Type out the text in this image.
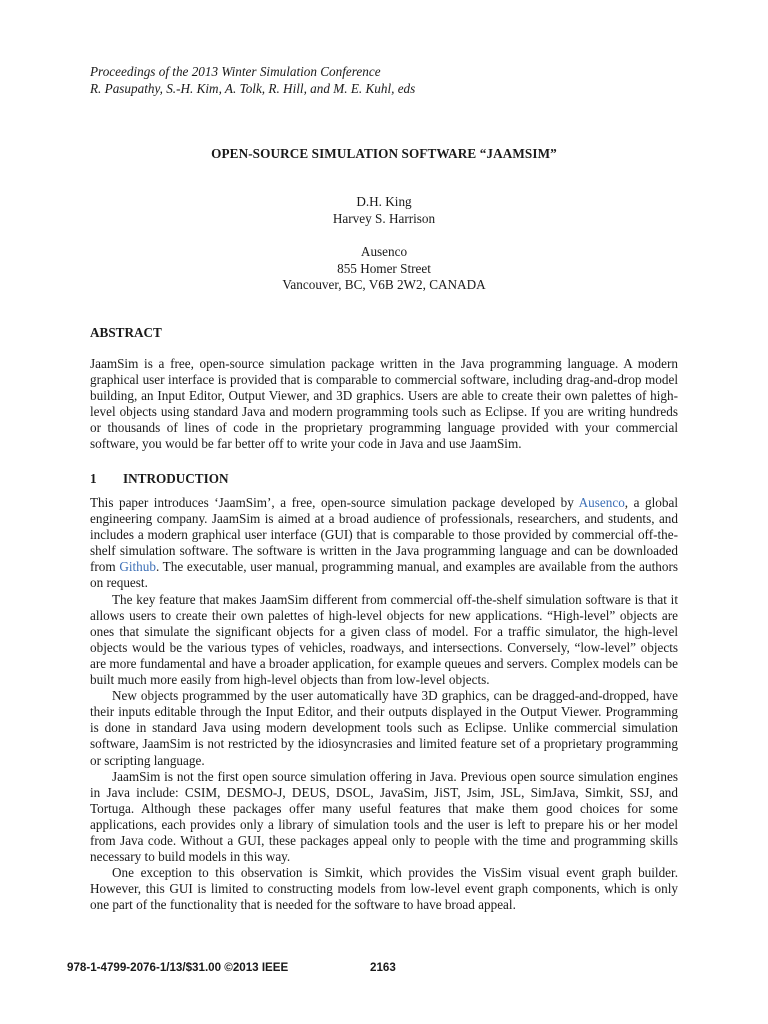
Proceedings of the 2013 Winter Simulation Conference
R. Pasupathy, S.-H. Kim, A. Tolk, R. Hill, and M. E. Kuhl, eds
OPEN-SOURCE SIMULATION SOFTWARE “JAAMSIM”
D.H. King
Harvey S. Harrison
Ausenco
855 Homer Street
Vancouver, BC, V6B 2W2, CANADA
ABSTRACT
JaamSim is a free, open-source simulation package written in the Java programming language. A modern graphical user interface is provided that is comparable to commercial software, including drag-and-drop model building, an Input Editor, Output Viewer, and 3D graphics. Users are able to create their own palettes of high-level objects using standard Java and modern programming tools such as Eclipse. If you are writing hundreds or thousands of lines of code in the proprietary programming language provided with your commercial software, you would be far better off to write your code in Java and use JaamSim.
1 INTRODUCTION

This paper introduces ‘JaamSim’, a free, open-source simulation package developed by Ausenco, a global engineering company. JaamSim is aimed at a broad audience of professionals, researchers, and students, and includes a modern graphical user interface (GUI) that is comparable to those provided by commercial off-the-shelf simulation software. The software is written in the Java programming language and can be downloaded from Github. The executable, user manual, programming manual, and examples are available from the authors on request.

The key feature that makes JaamSim different from commercial off-the-shelf simulation software is that it allows users to create their own palettes of high-level objects for new applications. “High-level” objects are ones that simulate the significant objects for a given class of model. For a traffic simulator, the high-level objects would be the various types of vehicles, roadways, and intersections. Conversely, “low-level” objects are more fundamental and have a broader application, for example queues and servers. Complex models can be built much more easily from high-level objects than from low-level objects.

New objects programmed by the user automatically have 3D graphics, can be dragged-and-dropped, have their inputs editable through the Input Editor, and their outputs displayed in the Output Viewer. Programming is done in standard Java using modern development tools such as Eclipse. Unlike commercial simulation software, JaamSim is not restricted by the idiosyncrasies and limited feature set of a proprietary programming or scripting language.

JaamSim is not the first open source simulation offering in Java. Previous open source simulation engines in Java include: CSIM, DESMO-J, DEUS, DSOL, JavaSim, JiST, Jsim, JSL, SimJava, Simkit, SSJ, and Tortuga. Although these packages offer many useful features that make them good choices for some applications, each provides only a library of simulation tools and the user is left to prepare his or her model from Java code. Without a GUI, these packages appeal only to people with the time and programming skills necessary to build models in this way.

One exception to this observation is Simkit, which provides the VisSim visual event graph builder. However, this GUI is limited to constructing models from low-level event graph components, which is only one part of the functionality that is needed for the software to have broad appeal.

978-1-4799-2076-1/13/$31.00 ©2013 IEEE	2163
